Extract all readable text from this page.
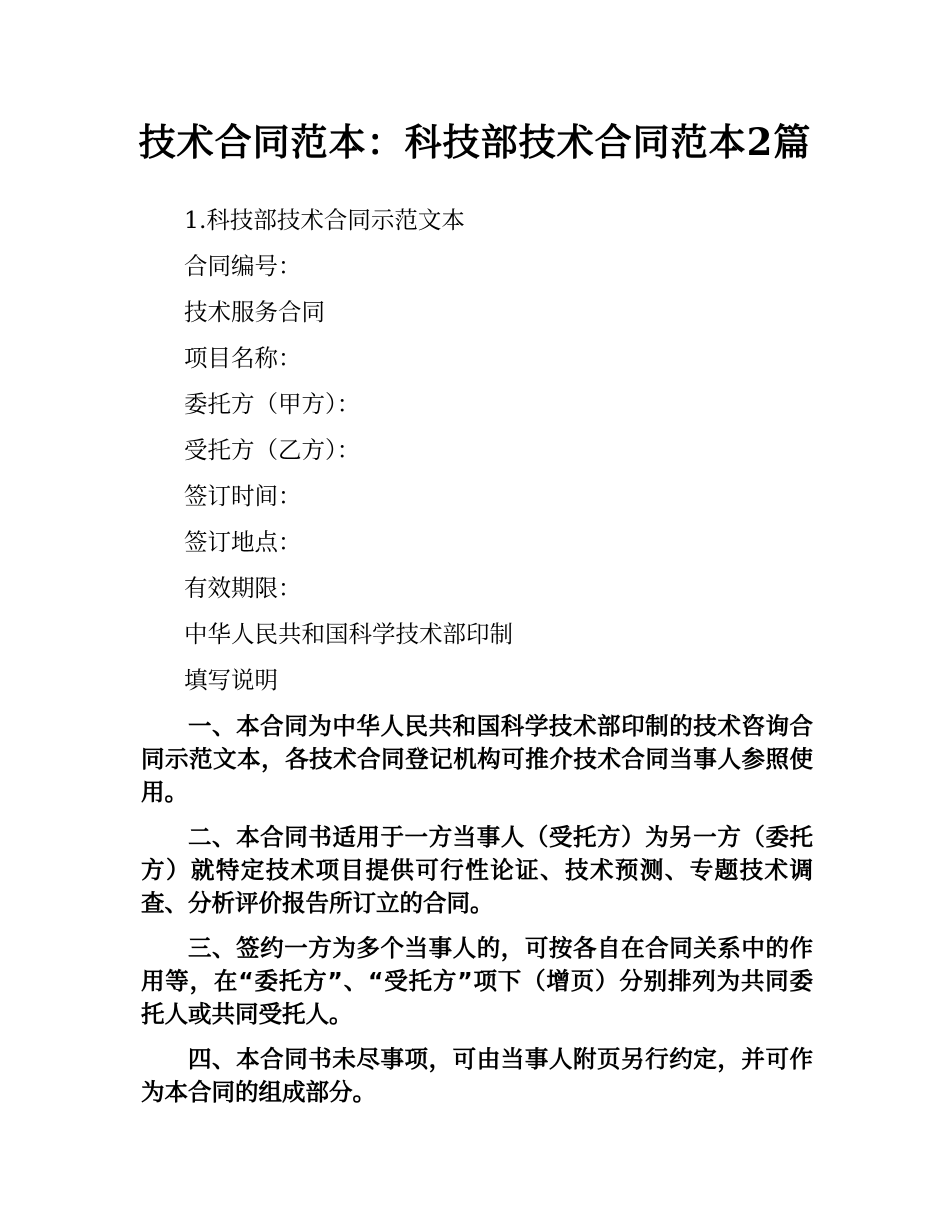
技术合同范本：科技部技术合同范本2篇
1.科技部技术合同示范文本
合同编号：
技术服务合同
项目名称：
委托方（甲方）：
受托方（乙方）：
签订时间：
签订地点：
有效期限：
中华人民共和国科学技术部印制
填写说明

一、本合同为中华人民共和国科学技术部印制的技术咨询合同示范文本，各技术合同登记机构可推介技术合同当事人参照使用。

二、本合同书适用于一方当事人（受托方）为另一方（委托方）就特定技术项目提供可行性论证、技术预测、专题技术调查、分析评价报告所订立的合同。

三、签约一方为多个当事人的，可按各自在合同关系中的作用等，在“委托方”、“受托方”项下（增页）分别排列为共同委托人或共同受托人。

四、本合同书未尽事项，可由当事人附页另行约定，并可作为本合同的组成部分。
